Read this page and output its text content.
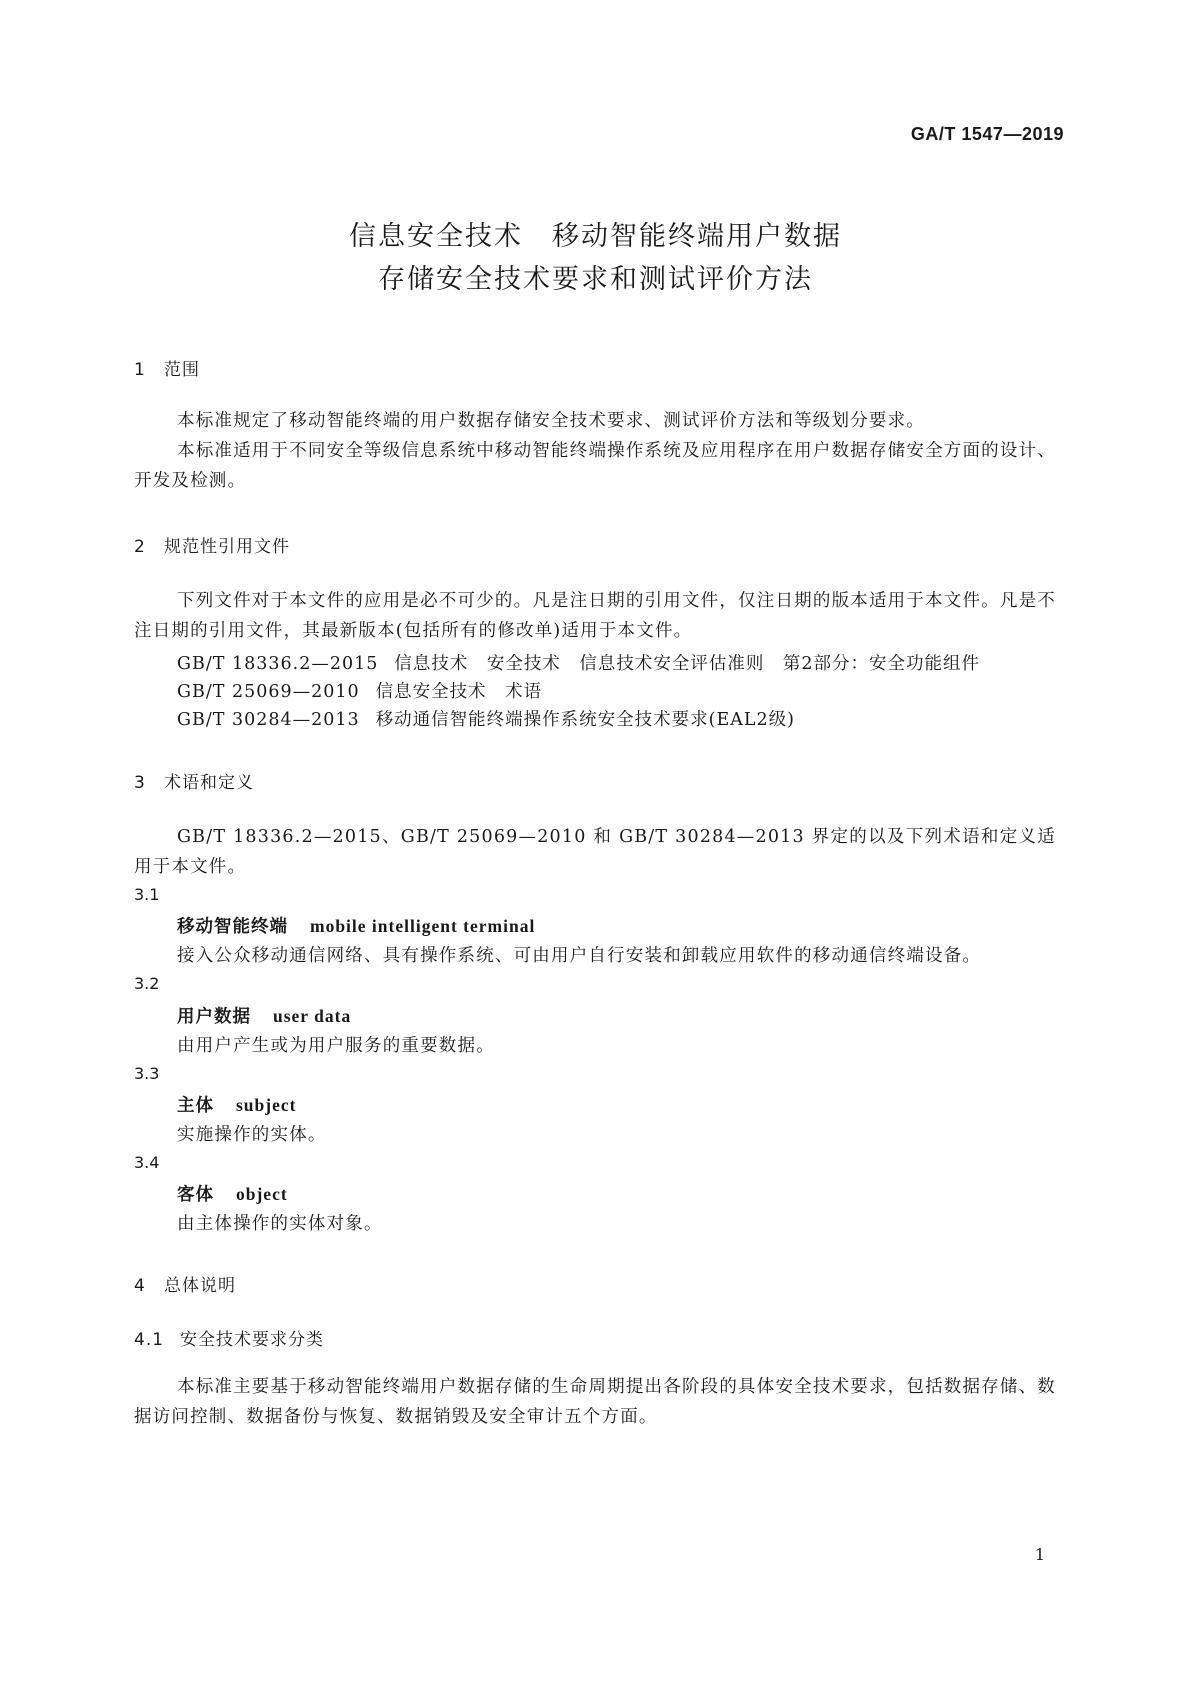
GA/T 1547—2019
信息安全技术　移动智能终端用户数据
存储安全技术要求和测试评价方法
1 范围
本标准规定了移动智能终端的用户数据存储安全技术要求、测试评价方法和等级划分要求。
本标准适用于不同安全等级信息系统中移动智能终端操作系统及应用程序在用户数据存储安全方面的设计、开发及检测。
2 规范性引用文件
下列文件对于本文件的应用是必不可少的。凡是注日期的引用文件，仅注日期的版本适用于本文件。凡是不注日期的引用文件，其最新版本(包括所有的修改单)适用于本文件。
GB/T 18336.2—2015 信息技术　安全技术　信息技术安全评估准则　第2部分：安全功能组件
GB/T 25069—2010 信息安全技术　术语
GB/T 30284—2013 移动通信智能终端操作系统安全技术要求(EAL2级)
3 术语和定义
GB/T 18336.2—2015、GB/T 25069—2010 和 GB/T 30284—2013 界定的以及下列术语和定义适用于本文件。
3.1
移动智能终端 mobile intelligent terminal
接入公众移动通信网络、具有操作系统、可由用户自行安装和卸载应用软件的移动通信终端设备。
3.2
用户数据 user data
由用户产生或为用户服务的重要数据。
3.3
主体 subject
实施操作的实体。
3.4
客体 object
由主体操作的实体对象。
4 总体说明
4.1 安全技术要求分类
本标准主要基于移动智能终端用户数据存储的生命周期提出各阶段的具体安全技术要求，包括数据存储、数据访问控制、数据备份与恢复、数据销毁及安全审计五个方面。
1
